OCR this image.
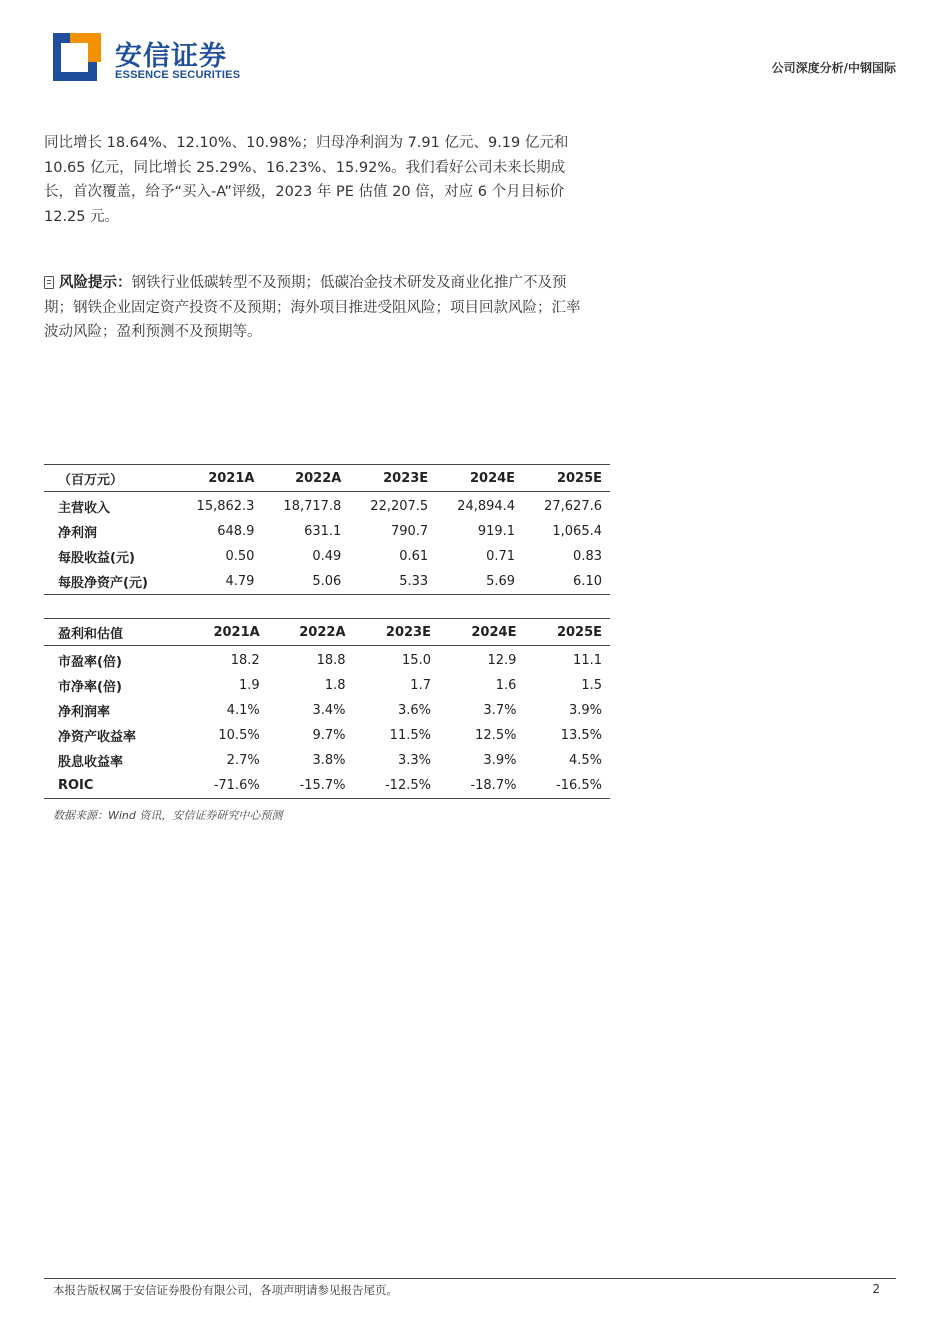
安信证券
ESSENCE SECURITIES	公司深度分析/中钢国际
同比增长 18.64%、12.10%、10.98%；归母净利润为 7.91 亿元、9.19 亿元和 10.65 亿元，同比增长 25.29%、16.23%、15.92%。我们看好公司未来长期成长，首次覆盖，给予“买入-A”评级，2023 年 PE 估值 20 倍，对应 6 个月目标价 12.25 元。
风险提示：钢铁行业低碳转型不及预期；低碳冶金技术研发及商业化推广不及预期；钢铁企业固定资产投资不及预期；海外项目推进受阻风险；项目回款风险；汇率波动风险；盈利预测不及预期等。
（百万元）	2021A	2022A	2023E	2024E	2025E
主营收入	15,862.3	18,717.8	22,207.5	24,894.4	27,627.6
净利润	648.9	631.1	790.7	919.1	1,065.4
每股收益(元)	0.50	0.49	0.61	0.71	0.83
每股净资产(元)	4.79	5.06	5.33	5.69	6.10
盈利和估值	2021A	2022A	2023E	2024E	2025E
市盈率(倍)	18.2	18.8	15.0	12.9	11.1
市净率(倍)	1.9	1.8	1.7	1.6	1.5
净利润率	4.1%	3.4%	3.6%	3.7%	3.9%
净资产收益率	10.5%	9.7%	11.5%	12.5%	13.5%
股息收益率	2.7%	3.8%	3.3%	3.9%	4.5%
ROIC	-71.6%	-15.7%	-12.5%	-18.7%	-16.5%
数据来源：Wind 资讯，安信证券研究中心预测
本报告版权属于安信证券股份有限公司，各项声明请参见报告尾页。	2
